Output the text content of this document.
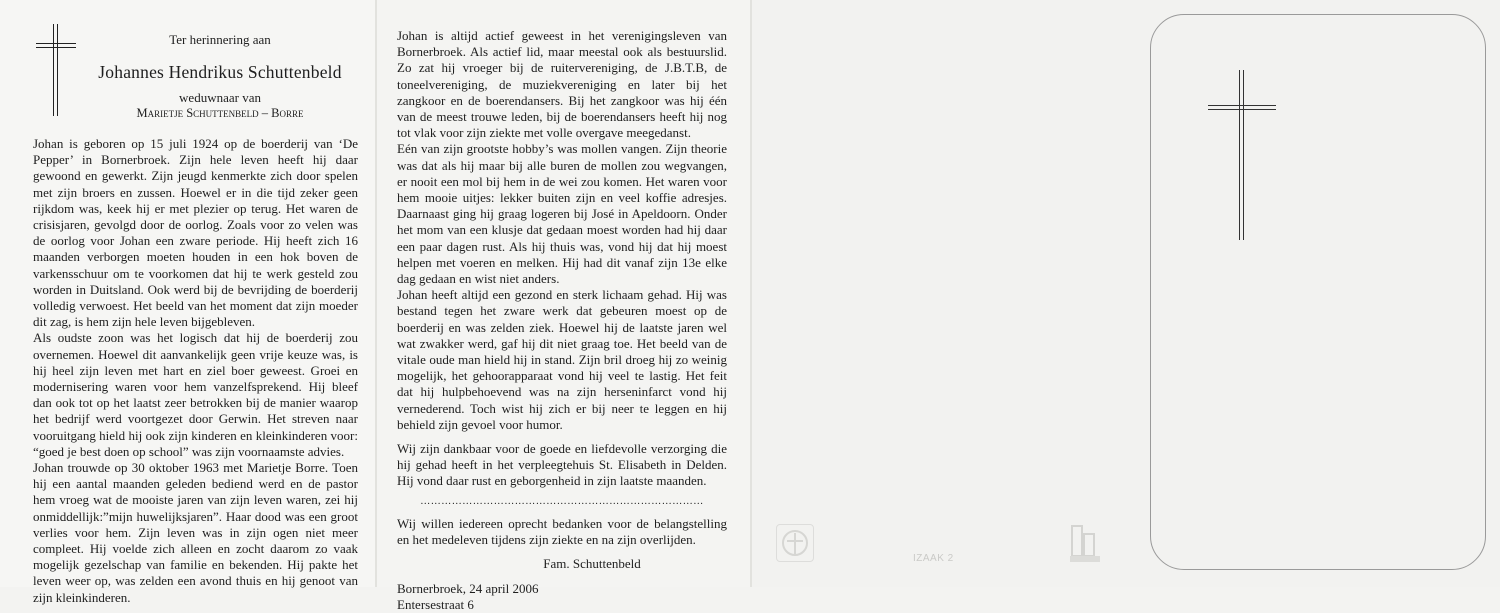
Ter herinnering aan
Johannes Hendrikus Schuttenbeld
weduwnaar van
Marietje Schuttenbeld – Borre

Johan is geboren op 15 juli 1924 op de boerderij van ‘De Pepper’ in Bornerbroek. Zijn hele leven heeft hij daar gewoond en gewerkt. Zijn jeugd kenmerkte zich door spelen met zijn broers en zussen. Hoewel er in die tijd zeker geen rijkdom was, keek hij er met plezier op terug. Het waren de crisisjaren, gevolgd door de oorlog. Zoals voor zo velen was de oorlog voor Johan een zware periode. Hij heeft zich 16 maanden verborgen moeten houden in een hok boven de varkensschuur om te voorkomen dat hij te werk gesteld zou worden in Duitsland. Ook werd bij de bevrijding de boerderij volledig verwoest. Het beeld van het moment dat zijn moeder dit zag, is hem zijn hele leven bijgebleven.

Als oudste zoon was het logisch dat hij de boerderij zou overnemen. Hoewel dit aanvankelijk geen vrije keuze was, is hij heel zijn leven met hart en ziel boer geweest. Groei en modernisering waren voor hem vanzelfsprekend. Hij bleef dan ook tot op het laatst zeer betrokken bij de manier waarop het bedrijf werd voortgezet door Gerwin. Het streven naar vooruitgang hield hij ook zijn kinderen en kleinkinderen voor: “goed je best doen op school” was zijn voornaamste advies.

Johan trouwde op 30 oktober 1963 met Marietje Borre. Toen hij een aantal maanden geleden bediend werd en de pastor hem vroeg wat de mooiste jaren van zijn leven waren, zei hij onmiddellijk:”mijn huwelijksjaren”. Haar dood was een groot verlies voor hem. Zijn leven was in zijn ogen niet meer compleet. Hij voelde zich alleen en zocht daarom zo vaak mogelijk gezelschap van familie en bekenden. Hij pakte het leven weer op, was zelden een avond thuis en hij genoot van zijn kleinkinderen.

Johan is altijd actief geweest in het verenigingsleven van Bornerbroek. Als actief lid, maar meestal ook als bestuurslid. Zo zat hij vroeger bij de ruitervereniging, de J.B.T.B, de toneelvereniging, de muziekvereniging en later bij het zangkoor en de boerendansers. Bij het zangkoor was hij één van de meest trouwe leden, bij de boerendansers heeft hij nog tot vlak voor zijn ziekte met volle overgave meegedanst.

Eén van zijn grootste hobby’s was mollen vangen. Zijn theorie was dat als hij maar bij alle buren de mollen zou wegvangen, er nooit een mol bij hem in de wei zou komen. Het waren voor hem mooie uitjes: lekker buiten zijn en veel koffie adresjes. Daarnaast ging hij graag logeren bij José in Apeldoorn. Onder het mom van een klusje dat gedaan moest worden had hij daar een paar dagen rust. Als hij thuis was, vond hij dat hij moest helpen met voeren en melken. Hij had dit vanaf zijn 13e elke dag gedaan en wist niet anders.

Johan heeft altijd een gezond en sterk lichaam gehad. Hij was bestand tegen het zware werk dat gebeuren moest op de boerderij en was zelden ziek. Hoewel hij de laatste jaren wel wat zwakker werd, gaf hij dit niet graag toe. Het beeld van de vitale oude man hield hij in stand. Zijn bril droeg hij zo weinig mogelijk, het gehoorapparaat vond hij veel te lastig. Het feit dat hij hulpbehoevend was na zijn herseninfarct vond hij vernederend. Toch wist hij zich er bij neer te leggen en hij behield zijn gevoel voor humor.

Wij zijn dankbaar voor de goede en liefdevolle verzorging die hij gehad heeft in het verpleegtehuis St. Elisabeth in Delden. Hij vond daar rust en geborgenheid in zijn laatste maanden.

………………………………………………………………………

Wij willen iedereen oprecht bedanken voor de belangstelling en het medeleven tijdens zijn ziekte en na zijn overlijden.

Fam. Schuttenbeld

Bornerbroek, 24 april 2006

Entersestraat 6

IZAAK 2
